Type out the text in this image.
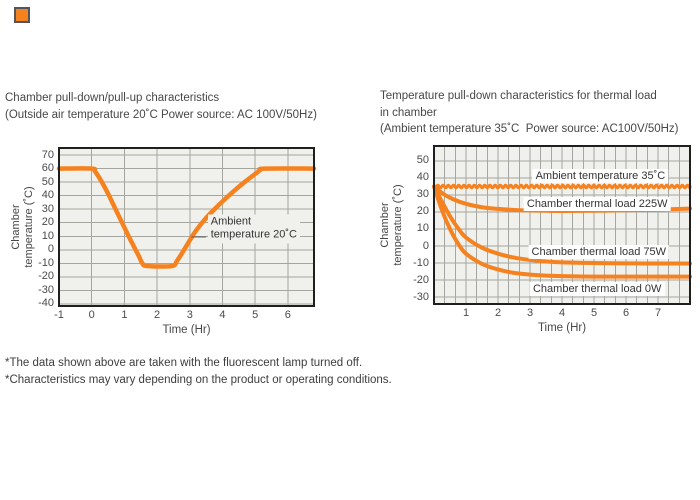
Chamber pull-down/pull-up characteristics
(Outside air temperature 20˚C Power source: AC 100V/50Hz)
Temperature pull-down characteristics for thermal load
in chamber
(Ambient temperature 35˚C  Power source: AC100V/50Hz)
-1 0 1 2 3 4 5 6
70
60
50
40
30
20
10
0
-10
-20
-30
-40
Time (Hr)
Chamber temperature (˚C)	Ambient
temperature 20˚C
1 2 3 4 5 6 7
50
40
30
20
10
0
-10
-20
-30
Time (Hr)
Chamber temperature (˚C)
Ambient temperature 35˚C
Chamber thermal load 225W
Chamber thermal load 75W
Chamber thermal load 0W
*The data shown above are taken with the fluorescent lamp turned off.
*Characteristics may vary depending on the product or operating conditions.
